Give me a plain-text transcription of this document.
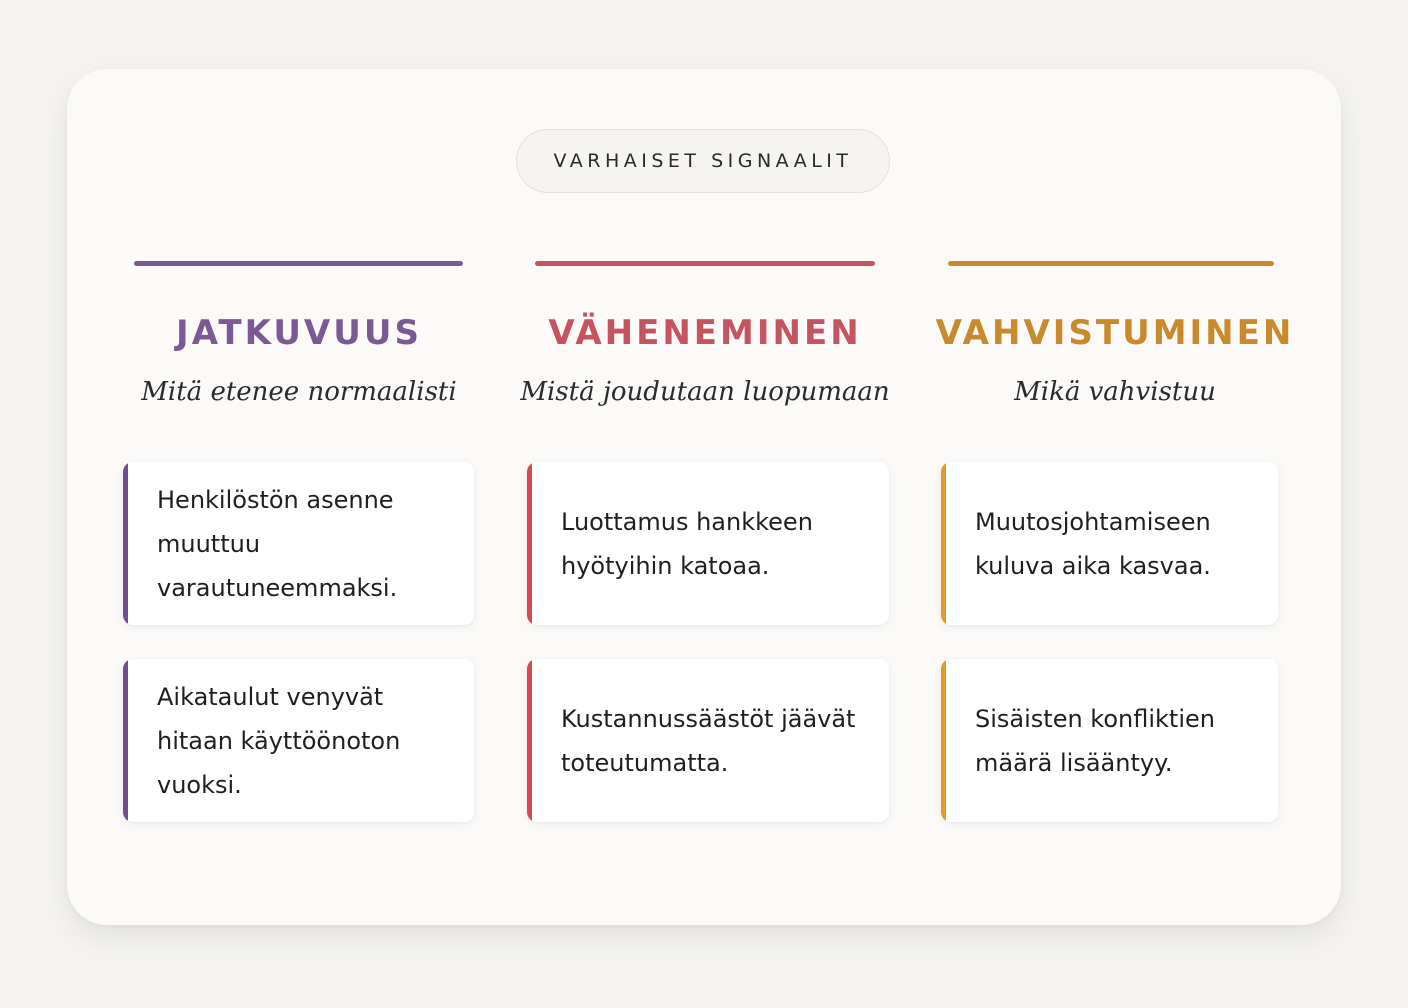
VARHAISET SIGNAALIT
JATKUVUUS
Mitä etenee normaalisti
Henkilöstön asenne muuttuu varautuneemmaksi.
Aikataulut venyvät hitaan käyttöönoton vuoksi.
VÄHENEMINEN
Mistä joudutaan luopumaan
Luottamus hankkeen hyötyihin katoaa.
Kustannussäästöt jäävät toteutumatta.
VAHVISTUMINEN
Mikä vahvistuu
Muutosjohtamiseen kuluva aika kasvaa.
Sisäisten konfliktien määrä lisääntyy.
